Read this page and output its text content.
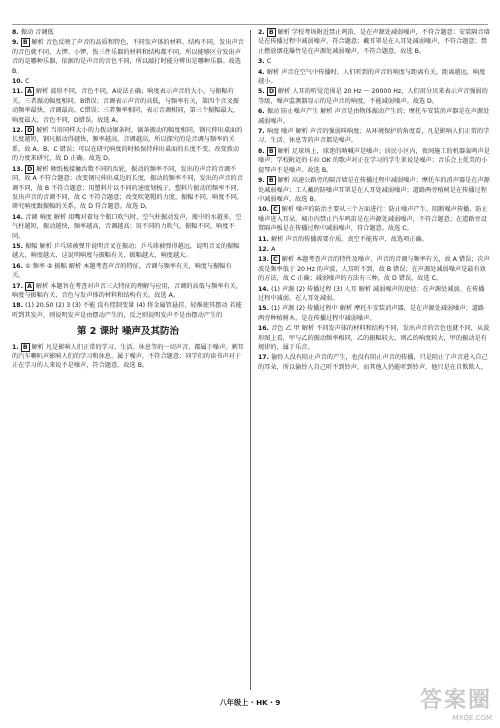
8. 振动 音调低
9. B 解析 音色反映了声音的品质和特色，不同发声体的材料、结构不同，发出声音的音色就不同，大锣、小锣、钹三件乐器的材料和结构都不同，所以能够区分发出声音的是哪种乐器，依据的是声音的音色不同，所以敲打时能分辨出是哪种乐器。故选 B。
10. C
11. A 解析 波形不同，音色不同，A说法正确；响度表示声音的大小，与振幅有关，三者振动幅度相同，B错误；音调表示声音的高低，与频率有关，第四个音叉振动频率最快，音调最高，C错误；三者频率相同，表示音调相同，第三个振幅最大，响度最大，音色不同，D错误。故选 A。
12. D 解析 当用同样大小的力拨动锯条时，锯条振动的幅度相同，钢尺伸出桌面的长度越短，钢尺振动得越快，频率越高，音调越高，所以探究的是音调与频率的关系，故 A、B、C 错误；可以在研究响度的时候保持伸出桌面的长度不变，改变拨动的力度来研究，故 D 正确。故选 D。
13. D 解析 硬纸板接触齿数不同的齿轮，振动的频率不同，发出的声音的音调不同，故 A 不符合题意；改变钢尺伸出桌边的长度，振动的频率不同，发出的声音的音调不同，故 B 不符合题意；用塑料片以不同的速度划梳子，塑料片振动的频率不同，发出声音的音调不同，故 C 不符合题意；改变吹笔帽的力度，振幅不同，响度不同，研究响度跟振幅的关系，故 D 符合题意。故选 D。
14. 音调 响度 解析 用嘴对着每个瓶口吹气时，空气柱振动发声，瓶中的水越多，空气柱越短，振动越快，频率越高，音调越高；用不同的力吹气，振幅不同，响度不同。
15. 振幅 解析 乒乓球被弹开说明音叉在振动；乒乓球被弹得越远，说明音叉的振幅越大，响度越大，这说明响度与振幅有关，振幅越大，响度越大。
16. ① 频率 ② 振幅 解析 本题考查声音的特征，音调与频率有关，响度与振幅有关。
17. A 解析 本题旨在考查对声音三大特征的理解与应用，音调的高低与频率有关，响度与振幅有关，音色与发声体的材料和结构有关。故选 A。
18. (1) 20.50 (2) 3 (3) 不能 没有控制变量 (4) 将金属管悬挂，轻推使其摆动 若能听到其发声，则说明发声是由摆动产生的，反之则说明发声不是由摆动产生的
第 2 课时 噪声及其防治
1. B 解析 凡是影响人们正常的学习、生活、休息等的一切声音，都属于噪声。刺耳的汽车喇叭声影响人们的学习和休息，属于噪声，不符合题意；同学们的读书声对于正在学习的人来说不是噪声，符合题意。故选 B。
2. B 解析 学校考场附近禁止鸣笛，是在声源处减弱噪声，不符合题意；安装隔音墙是在传播过程中减弱噪声，符合题意；戴耳罩是在人耳处减弱噪声，不符合题意；禁止燃放烟花爆竹是在声源处减弱噪声，不符合题意。故选 B。
3. C
4. 解析 声音在空气中传播时，人们听到的声音的响度与距离有关，距离越远，响度越小。
5. D 解析 人耳的听觉范围是 20 Hz ～ 20000 Hz，人们用分贝来表示声音强弱的等级，噪声监测器显示的是声音的响度，不能减弱噪声。故选 D。
6. 振动 防止噪声产生 解析 声音是由物体振动产生的；摩托车安装消声器是在声源处减弱噪声。
7. 响度 噪声 解析 声音的强弱叫响度；从环境保护的角度看，凡是影响人们正常的学习、生活、休息等的声音都是噪声。
8. B 解析 足球场上，球迷的呐喊声是噪声；居民小区内，夜间施工的机器轰鸣声是噪声；学校附近的卡拉 OK 的歌声对正在学习的学生来说是噪声；音乐会上优美的小提琴声不是噪声。故选 B。
9. B 解析 高速公路旁的隔音墙是在传播过程中减弱噪声；摩托车的消声器是在声源处减弱噪声；工人戴的防噪声耳罩是在人耳处减弱噪声；道路两旁植树是在传播过程中减弱噪声。故选 B。
10. C 解析 噪声的防治主要从三个方面进行：防止噪声产生、阻断噪声传播、防止噪声进入耳朵。城市内禁止汽车鸣笛是在声源处减弱噪声，不符合题意；在道路旁设置隔声板是在传播过程中减弱噪声，符合题意。故选 C。
11. 解析 声音的传播需要介质，真空不能传声，故选项正确。
12. A
13. C 解析 本题考查声音的特性及噪声，声音的音调与频率有关，故 A 错误；次声波是频率低于 20 Hz 的声波，人耳听不到，故 B 错误；在声源处减弱噪声是最有效的方法，故 C 正确；减弱噪声的方法有三种，故 D 错误。故选 C。
14. (1) 声源 (2) 传播过程 (3) 人耳 解析 减弱噪声的途径：在声源处减弱、在传播过程中减弱、在人耳处减弱。
15. (1) 声源 (2) 传播过程中 解析 摩托车安装消声器，是在声源处减弱噪声；道路两旁种植树木，是在传播过程中减弱噪声。
16. 音色 乙 甲 解析 不同发声体的材料和结构不同，发出声音的音色也就不同，从波形图上看，甲与乙的振动频率相同，乙的振幅较大，则乙的响度较大，甲的振动是有规律的，属于乐音。
17. 偷铃人没有阻止声音的产生，也没有阻止声音的传播，只是阻止了声音进入自己的耳朵，所以偷铃人自己听不到铃声，而其他人仍能听到铃声，他只是在自欺欺人。
八年级上 · HK · 9	答案圈
MXQE.COM
